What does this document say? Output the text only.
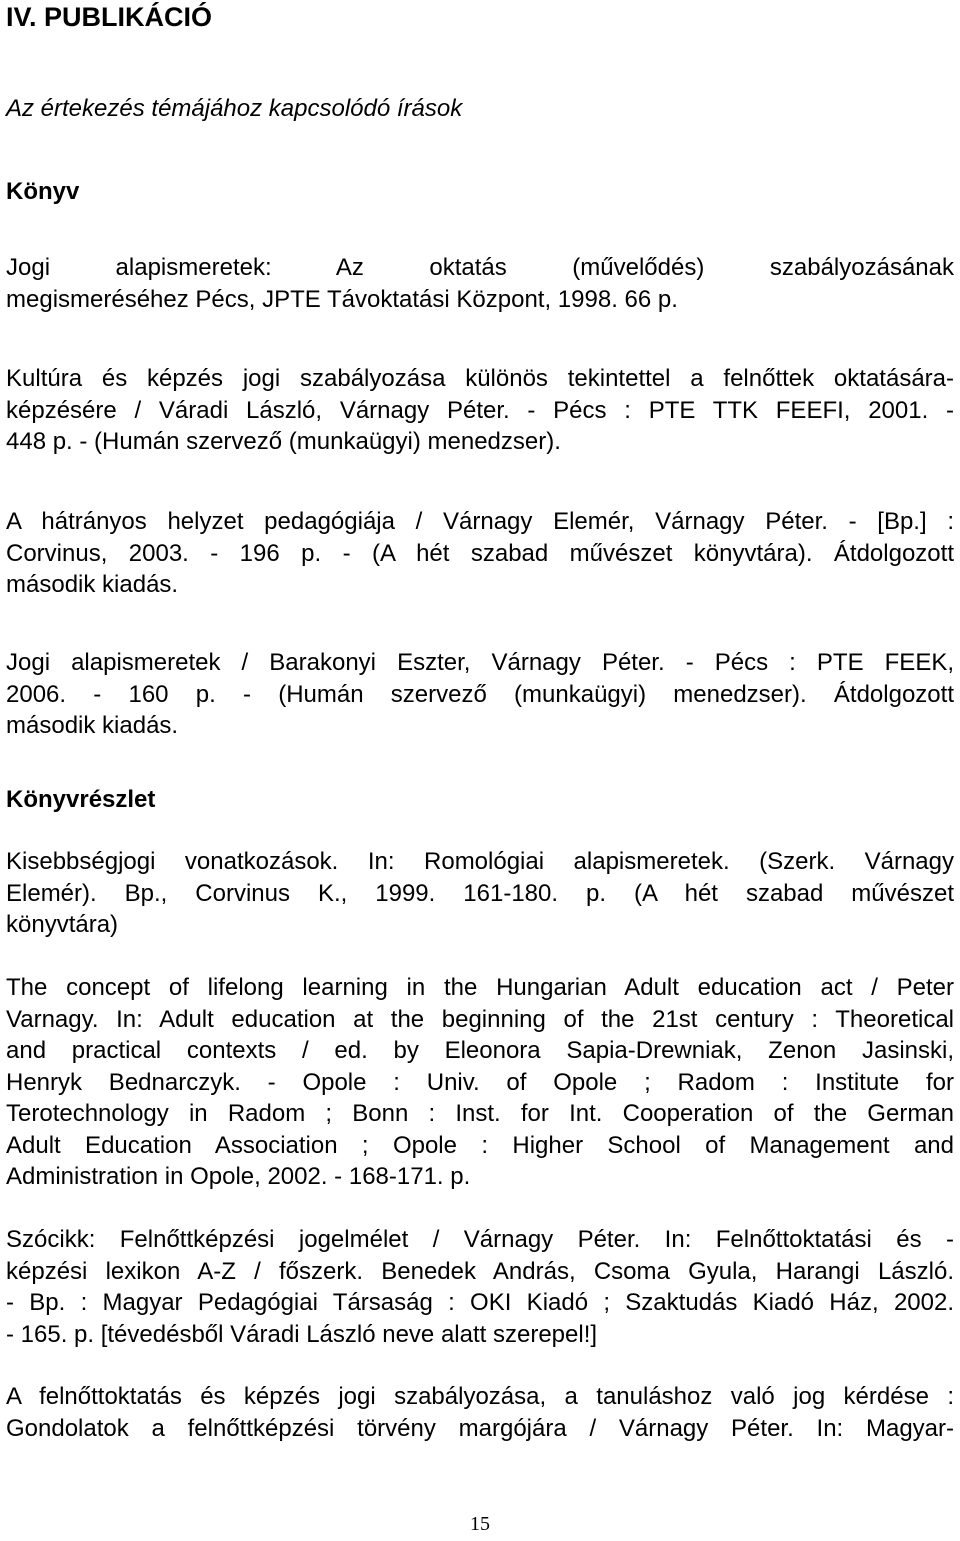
IV. PUBLIKÁCIÓ
Az értekezés témájához kapcsolódó írások
Könyv
Jogi alapismeretek: Az oktatás (művelődés) szabályozásának
megismeréséhez Pécs, JPTE Távoktatási Központ, 1998. 66 p.
Kultúra és képzés jogi szabályozása különös tekintettel a felnőttek oktatására-
képzésére / Váradi László, Várnagy Péter. - Pécs : PTE TTK FEEFI, 2001. -
448 p. - (Humán szervező (munkaügyi) menedzser).
A hátrányos helyzet pedagógiája / Várnagy Elemér, Várnagy Péter. - [Bp.] :
Corvinus, 2003. - 196 p. - (A hét szabad művészet könyvtára). Átdolgozott
második kiadás.
Jogi alapismeretek / Barakonyi Eszter, Várnagy Péter. - Pécs : PTE FEEK,
2006. - 160 p. - (Humán szervező (munkaügyi) menedzser). Átdolgozott
második kiadás.
Könyvrészlet
Kisebbségjogi vonatkozások. In: Romológiai alapismeretek. (Szerk. Várnagy
Elemér). Bp., Corvinus K., 1999. 161-180. p. (A hét szabad művészet
könyvtára)
The concept of lifelong learning in the Hungarian Adult education act / Peter
Varnagy. In: Adult education at the beginning of the 21st century : Theoretical
and practical contexts / ed. by Eleonora Sapia-Drewniak, Zenon Jasinski,
Henryk Bednarczyk. - Opole : Univ. of Opole ; Radom : Institute for
Terotechnology in Radom ; Bonn : Inst. for Int. Cooperation of the German
Adult Education Association ; Opole : Higher School of Management and
Administration in Opole, 2002. - 168-171. p.
Szócikk: Felnőttképzési jogelmélet / Várnagy Péter. In: Felnőttoktatási és -
képzési lexikon A-Z / főszerk. Benedek András, Csoma Gyula, Harangi László.
- Bp. : Magyar Pedagógiai Társaság : OKI Kiadó ; Szaktudás Kiadó Ház, 2002.
- 165. p. [tévedésből Váradi László neve alatt szerepel!]
A felnőttoktatás és képzés jogi szabályozása, a tanuláshoz való jog kérdése :
Gondolatok a felnőttképzési törvény margójára / Várnagy Péter. In: Magyar-
15
